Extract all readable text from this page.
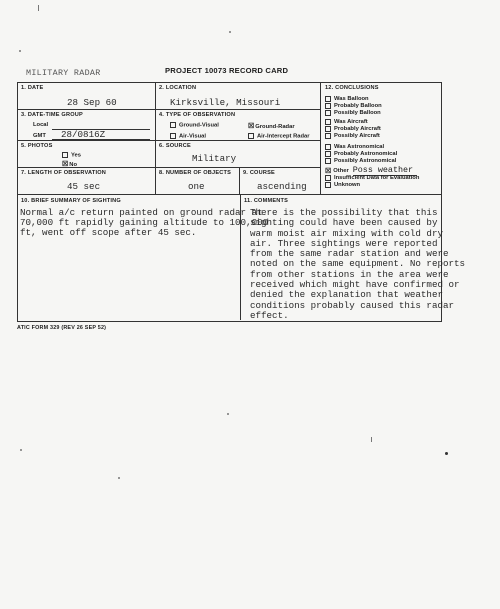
MILITARY RADAR	PROJECT 10073 RECORD CARD
1. DATE
28 Sep 60
2. LOCATION
Kirksville, Missouri
3. DATE-TIME GROUP
Local
GMT 28/0816Z
4. TYPE OF OBSERVATION
Ground-Visual	☒Ground-Radar
Air-Visual	Air-Intercept Radar
5. PHOTOS
Yes
☒No
6. SOURCE
Military
7. LENGTH OF OBSERVATION
45 sec
8. NUMBER OF OBJECTS
one
9. COURSE
ascending
12. CONCLUSIONS
Was Balloon
Probably Balloon
Possibly Balloon
Was Aircraft
Probably Aircraft
Possibly Aircraft
Was Astronomical
Probably Astronomical
Possibly Astronomical
☒ Other Poss weather
Insufficient Data for Evaluation
Unknown
10. BRIEF SUMMARY OF SIGHTING
Normal a/c return painted on ground radar at
70,000 ft rapidly gaining altitude to 100,000
ft, went off scope after 45 sec.
11. COMMENTS
There is the possibility that this
sighting could have been caused by
warm moist air mixing with cold dry
air. Three sightings were reported
from the same radar station and were
noted on the same equipment. No reports
from other stations in the area were
received which might have confirmed or
denied the explanation that weather
conditions probably caused this radar
effect.
ATIC FORM 329 (REV 26 SEP 52)
